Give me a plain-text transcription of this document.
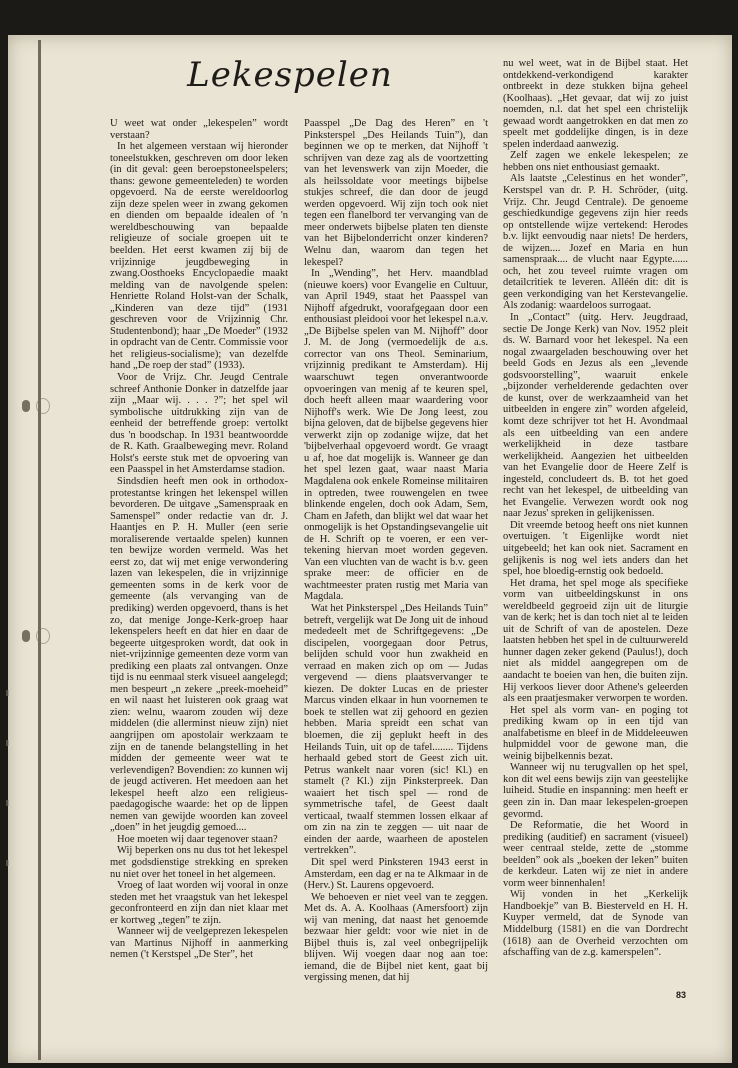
Lekespelen

U weet wat onder „lekespelen” wordt verstaan?

In het algemeen verstaan wij hieronder toneelstukken, geschreven om door leken (in dit geval: geen beroepstoneelspelers; thans: gewone gemeenteleden) te worden opgevoerd. Na de eerste wereldoorlog zijn deze spelen weer in zwang gekomen en dienden om bepaalde idealen of 'n wereldbeschouwing van bepaalde religieuze of sociale groepen uit te beelden. Het eerst kwamen zij bij de vrijzinnige jeugdbeweging in zwang.Oosthoeks Encyclopaedie maakt melding van de navolgende spelen: Henriette Roland Holst-van der Schalk, „Kinderen van deze tijd” (1931 geschreven voor de Vrijzinnig Chr. Studentenbond); haar „De Moeder” (1932 in opdracht van de Centr. Commissie voor het religieus-socialisme); van dezelfde hand „De roep der stad” (1933).

Voor de Vrijz. Chr. Jeugd Centrale schreef Anthonie Donker in datzelfde jaar zijn „Maar wij. . . . ?”; het spel wil symbolische uitdrukking zijn van de eenheid der betreffende groep: vertolkt dus 'n boodschap. In 1931 beantwoordde de R. Kath. Graalbeweging mevr. Roland Holst's eerste stuk met de opvoering van een Paasspel in het Amsterdamse stadion.

Sindsdien heeft men ook in orthodox-protestantse kringen het lekenspel willen bevorderen. De uitgave „Samenspraak en Samenspel” onder redactie van dr. J. Haantjes en P. H. Muller (een serie moraliserende vertaalde spelen) kunnen ten bewijze worden vermeld. Was het eerst zo, dat wij met enige verwondering lazen van lekespelen, die in vrijzinnige gemeenten soms in de kerk voor de gemeente (als vervanging van de prediking) werden opgevoerd, thans is het zo, dat menige Jonge-Kerk-groep haar lekenspelers heeft en dat hier en daar de begeerte uitgesproken wordt, dat ook in niet-vrijzinnige gemeenten deze vorm van prediking een plaats zal ontvangen. Onze tijd is nu eenmaal sterk visueel aangelegd; men bespeurt „n zekere „preek-moeheid” en wil naast het luisteren ook graag wat zien: welnu, waarom zouden wij deze middelen (die allerminst nieuw zijn) niet aangrijpen om apostolair werkzaam te zijn en de tanende belangstelling in het midden der gemeente weer wat te verlevendigen? Bovendien: zo kunnen wij de jeugd activeren. Het meedoen aan het lekespel heeft alzo een religieus-paedagogische waarde: het op de lippen nemen van gewijde woorden kan zoveel „doen” in het jeugdig gemoed....

Hoe moeten wij daar tegenover staan?

Wij beperken ons nu dus tot het lekespel met godsdienstige strekking en spreken nu niet over het toneel in het algemeen.

Vroeg of laat worden wij vooral in onze steden met het vraagstuk van het lekespel geconfronteerd en zijn dan niet klaar met er kortweg „tegen” te zijn.

Wanneer wij de veelgeprezen lekespelen van Martinus Nijhoff in aanmerking nemen ('t Kerstspel „De Ster”, het

Paasspel „De Dag des Heren” en 't Pinksterspel „Des Heilands Tuin”), dan beginnen we op te merken, dat Nijhoff 't schrijven van deze zag als de voortzetting van het levenswerk van zijn Moeder, die als heilssoldate voor meetings bijbelse stukjes schreef, die dan door de jeugd werden opgevoerd. Wij zijn toch ook niet tegen een flanelbord ter vervanging van de meer onderwets bijbelse platen ten dienste van het Bijbelonderricht onzer kinderen? Welnu dan, waarom dan tegen het lekespel?

In „Wending”, het Herv. maandblad (nieuwe koers) voor Evangelie en Cultuur, van April 1949, staat het Paasspel van Nijhoff afgedrukt, voorafgegaan door een enthousiast pleidooi voor het lekespel n.a.v. „De Bijbelse spelen van M. Nijhoff” door J. M. de Jong (vermoedelijk de a.s. corrector van ons Theol. Seminarium, vrijzinnig predikant te Amsterdam). Hij waarschuwt tegen onverantwoorde opvoeringen van menig af te keuren spel, doch heeft alleen maar waardering voor Nijhoff's werk. Wie De Jong leest, zou bijna geloven, dat de bijbelse gegevens hier verwerkt zijn op zodanige wijze, dat het 'bijbelverhaal opgevoerd wordt. Ge vraagt u af, hoe dat mogelijk is. Wanneer ge dan het spel lezen gaat, waar naast Maria Magdalena ook enkele Romeinse militairen in optreden, twee rouwengelen en twee blinkende engelen, doch ook Adam, Sem, Cham en Jafeth, dan blijkt wel dat waar het onmogelijk is het Opstandingsevangelie uit de H. Schrift op te voeren, er een ver-tekening hiervan moet worden gegeven. Van een vluchten van de wacht is b.v. geen sprake meer: de officier en de wachtmeester praten rustig met Maria van Magdala.

Wat het Pinksterspel „Des Heilands Tuin” betreft, vergelijk wat De Jong uit de inhoud mededeelt met de Schriftgegevens: „De discipelen, voorgegaan door Petrus, belijden schuld voor hun zwakheid en verraad en maken zich op om — Judas vergevend — diens plaatsvervanger te kiezen. De dokter Lucas en de priester Marcus vinden elkaar in hun voornemen te boek te stellen wat zij gehoord en gezien hebben. Maria spreidt een schat van bloemen, die zij geplukt heeft in des Heilands Tuin, uit op de tafel........ Tijdens herhaald gebed stort de Geest zich uit. Petrus wankelt naar voren (sic! Kl.) en stamelt (? Kl.) zijn Pinksterpreek. Dan waaiert het tisch spel — rond de symmetrische tafel, de Geest daalt verticaal, twaalf stemmen lossen elkaar af om zin na zin te zeggen — uit naar de einden der aarde, waarheen de apostelen vertrekken”.

Dit spel werd Pinksteren 1943 eerst in Amsterdam, een dag er na te Alkmaar in de (Herv.) St. Laurens opgevoerd.

We behoeven er niet veel van te zeggen. Met ds. A. A. Koolhaas (Amersfoort) zijn wij van mening, dat naast het genoemde bezwaar hier geldt: voor wie niet in de Bijbel thuis is, zal veel onbegrijpelijk blijven. Wij voegen daar nog aan toe: iemand, die de Bijbel niet kent, gaat bij vergissing menen, dat hij

nu wel weet, wat in de Bijbel staat. Het ontdekkend-verkondigend karakter ontbreekt in deze stukken bijna geheel (Koolhaas). „Het gevaar, dat wij zo juist noemden, n.l. dat het spel een christelijk gewaad wordt aangetrokken en dat men zo speelt met goddelijke dingen, is in deze spelen inderdaad aanwezig.

Zelf zagen we enkele lekespelen; ze hebben ons niet enthousiast gemaakt.

Als laatste „Celestinus en het wonder”, Kerstspel van dr. P. H. Schröder, (uitg. Vrijz. Chr. Jeugd Centrale). De genoeme geschiedkundige gegevens zijn hier reeds op ontstellende wijze vertekend: Herodes b.v. lijkt eenvoudig naar niets! De herders, de wijzen.... Jozef en Maria en hun samenspraak.... de vlucht naar Egypte...... och, het zou teveel ruimte vragen om detailcritiek te leveren. Alléén dit: dit is geen verkondiging van het Kerstevangelie. Als zodanig: waardeloos surrogaat.

In „Contact” (uitg. Herv. Jeugdraad, sectie De Jonge Kerk) van Nov. 1952 pleit ds. W. Barnard voor het lekespel. Na een nogal zwaargeladen beschouwing over het beeld Gods en Jezus als een „levende godsvoorstelling”, waaruit enkele „bijzonder verhelderende gedachten over de kunst, over de werkzaamheid van het uitbeelden in engere zin” worden afgeleid, komt deze schrijver tot het H. Avondmaal als een uitbeelding van een andere werkelijkheid in deze tastbare werkelijkheid. Aangezien het uitbeelden van het Evangelie door de Heere Zelf is ingesteld, concludeert ds. B. tot het goed recht van het lekespel, de uitbeelding van het Evangelie. Verwezen wordt ook nog naar Jezus' spreken in gelijkenissen.

Dit vreemde betoog heeft ons niet kunnen overtuigen. 't Eigenlijke wordt niet uitgebeeld; het kan ook niet. Sacrament en gelijkenis is nog wel iets anders dan het spel, hoe bloedig-ernstig ook bedoeld.

Het drama, het spel moge als specifieke vorm van uitbeeldingskunst in ons wereldbeeld gegroeid zijn uit de liturgie van de kerk; het is dan toch niet al te leiden uit de Schrift of van de apostelen. Deze laatsten hebben het spel in de cultuurwereld hunner dagen zeker gekend (Paulus!), doch niet als middel aangegrepen om de aandacht te boeien van hen, die buiten zijn. Hij verkoos liever door Athene's geleerden als een praatjesmaker verworpen te worden.

Het spel als vorm van- en poging tot prediking kwam op in een tijd van analfabetisme en bleef in de Middeleeuwen hulpmiddel voor de gewone man, die weinig bijbelkennis bezat.

Wanneer wij nu terugvallen op het spel, kon dit wel eens bewijs zijn van geestelijke luiheid. Studie en inspanning: men heeft er geen zin in. Dan maar lekespelen-groepen gevormd.

De Reformatie, die het Woord in prediking (auditief) en sacrament (visueel) weer centraal stelde, zette de „stomme beelden” ook als „boeken der leken” buiten de kerkdeur. Laten wij ze niet in andere vorm weer binnenhalen!

Wij vonden in het „Kerkelijk Handboekje” van B. Biesterveld en H. H. Kuyper vermeld, dat de Synode van Middelburg (1581) en die van Dordrecht (1618) aan de Overheid verzochten om afschaffing van de z.g. kamerspelen”.

83
